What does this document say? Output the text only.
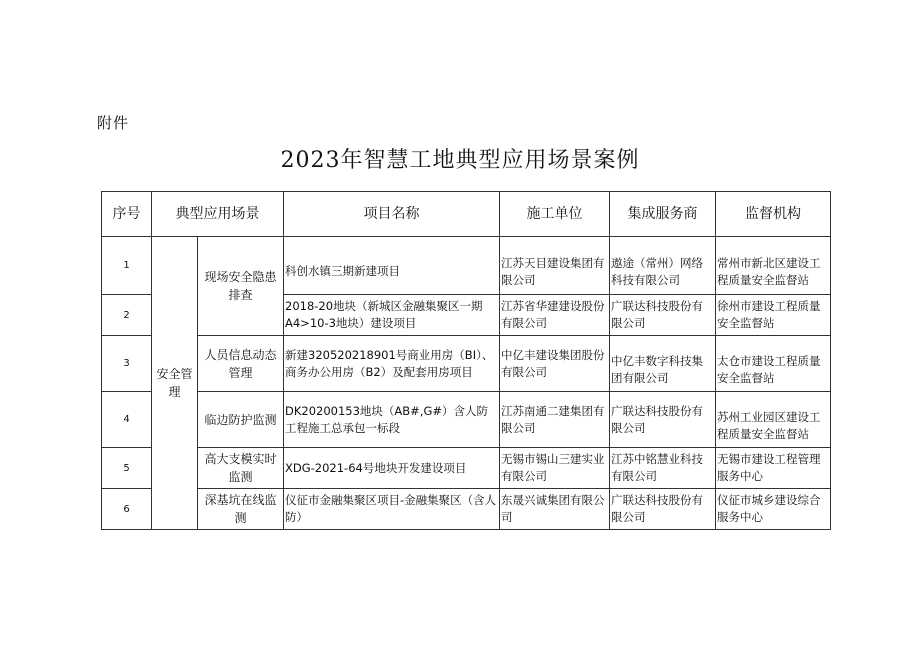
附件
2023年智慧工地典型应用场景案例
序号	典型应用场景		项目名称	施工单位	集成服务商	监督机构
1	安全管理	现场安全隐患排查	科创水镇三期新建项目	江苏天目建设集团有限公司	遨途（常州）网络科技有限公司	常州市新北区建设工程质量安全监督站

2			2018-20地块（新城区金融集聚区一期A4>10-3地块）建设项目	江苏省华建建设股份有限公司	广联达科技股份有限公司	徐州市建设工程质量安全监督站

3		人员信息动态管理	新建320520218901号商业用房（BI）、商务办公用房（B2）及配套用房项目	中亿丰建设集团股份有限公司	中亿丰数字科技集团有限公司	太仓市建设工程质量安全监督站

4		临边防护监测	DK20200153地块（AB#,G#）含人防工程施工总承包一标段	江苏南通二建集团有限公司	广联达科技股份有限公司	苏州工业园区建设工程质量安全监督站

5		高大支模实时监测	XDG-2021-64号地块开发建设项目	无锡市锡山三建实业有限公司	江苏中铭慧业科技有限公司	无锡市建设工程管理服务中心

6		深基坑在线监测	仪征市金融集聚区项目-金融集聚区（含人防）	东晟兴诚集团有限公司	广联达科技股份有限公司	仪征市城乡建设综合服务中心
